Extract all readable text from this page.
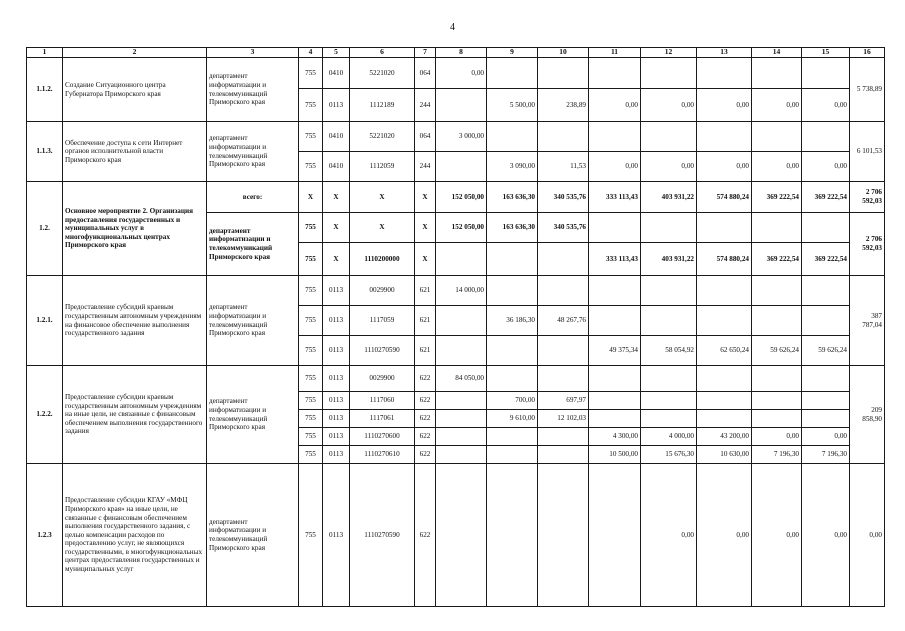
4
1	2	3	4	5	6	7	8	9	10	11	12	13	14	15	16
1.1.2.	Создание Ситуационного центра Губернатора Приморского края	департамент информатизации и телекоммуникаций Приморского края	755	0410	5221020	064	0,00								5 738,89
			755	0113	1112189	244		5 500,00	238,89	0,00	0,00	0,00	0,00	0,00	
1.1.3.	Обеспечение доступа к сети Интернет органов исполнительной власти Приморского края	департамент информатизации и телекоммуникаций Приморского края	755	0410	5221020	064	3 000,00								6 101,53
			755	0410	1112059	244		3 090,00	11,53	0,00	0,00	0,00	0,00	0,00	
1.2.	Основное мероприятие 2. Организация предоставления государственных и муниципальных услуг в многофункциональных центрах Приморского края	всего:	X	X	X	X	152 050,00	163 636,30	340 535,76	333 113,43	403 931,22	574 880,24	369 222,54	369 222,54	2 706 592,03
		департамент информатизации и телекоммуникаций Приморского края	755	X	X	X	152 050,00	163 636,30	340 535,76						2 706 592,03
			755	X	1110200000	X				333 113,43	403 931,22	574 880,24	369 222,54	369 222,54	
1.2.1.	Предоставление субсидий краевым государственным автономным учреждениям на финансовое обеспечение выполнения государственного задания	департамент информатизации и телекоммуникаций Приморского края	755	0113	0029900	621	14 000,00								387 787,04
			755	0113	1117059	621		36 186,30	48 267,76						
			755	0113	1110270590	621				49 375,34	58 054,92	62 650,24	59 626,24	59 626,24	
1.2.2.	Предоставление субсидии краевым государственным автономным учреждениям на иные цели, не связанные с финансовым обеспечением выполнения государственного задания	департамент информатизации и телекоммуникаций Приморского края	755	0113	0029900	622	84 050,00								209 858,90
			755	0113	1117060	622		700,00	697,97						
			755	0113	1117061	622		9 610,00	12 102,03						
			755	0113	1110270600	622				4 300,00	4 000,00	43 200,00	0,00	0,00	
			755	0113	1110270610	622				10 500,00	15 676,30	10 630,00	7 196,30	7 196,30	
1.2.3	Предоставление субсидии КГАУ «МФЦ Приморского края» на иные цели, не связанные с финансовым обеспечением выполнения государственного задания, с целью компенсации расходов по предоставлению услуг, не являющихся государственными, в многофункциональных центрах предоставления государственных и муниципальных услуг	департамент информатизации и телекоммуникаций Приморского края	755	0113	1110270590	622					0,00	0,00	0,00	0,00	0,00
